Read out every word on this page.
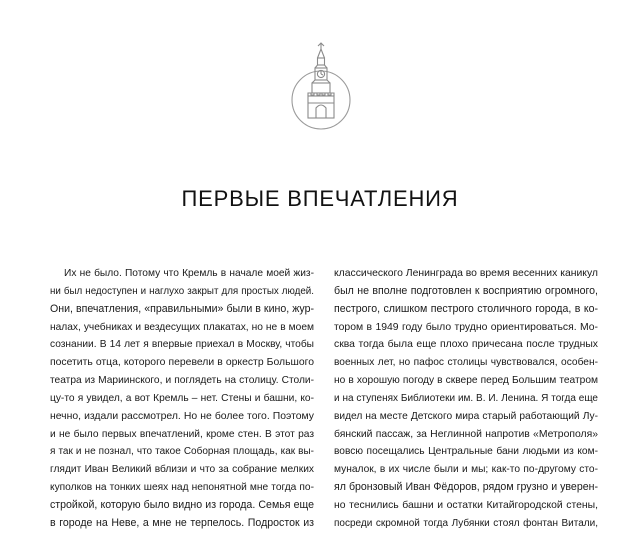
ПЕРВЫЕ ВПЕЧАТЛЕНИЯ
Их не было. Потому что Кремль в начале моей жиз-
ни был недоступен и наглухо закрыт для простых людей.
Они, впечатления, «правильными» были в кино, жур-
налах, учебниках и вездесущих плакатах, но не в моем
сознании. В 14 лет я впервые приехал в Москву, чтобы
посетить отца, которого перевели в оркестр Большого
театра из Мариинского, и поглядеть на столицу. Столи-
цу-то я увидел, а вот Кремль – нет. Стены и башни, ко-
нечно, издали рассмотрел. Но не более того. Поэтому
и не было первых впечатлений, кроме стен. В этот раз
я так и не познал, что такое Соборная площадь, как вы-
глядит Иван Великий вблизи и что за собрание мелких
куполков на тонких шеях над непонятной мне тогда по-
стройкой, которую было видно из города. Семья еще
в городе на Неве, а мне не терпелось. Подросток из
классического Ленинграда во время весенних каникул
был не вполне подготовлен к восприятию огромного,
пестрого, слишком пестрого столичного города, в ко-
тором в 1949 году было трудно ориентироваться. Мо-
сква тогда была еще плохо причесана после трудных
военных лет, но пафос столицы чувствовался, особен-
но в хорошую погоду в сквере перед Большим театром
и на ступенях Библиотеки им. В. И. Ленина. Я тогда еще
видел на месте Детского мира старый работающий Лу-
бянский пассаж, за Неглинной напротив «Метрополя»
вовсю посещались Центральные бани людьми из ком-
муналок, в их числе были и мы; как-то по-другому сто-
ял бронзовый Иван Фёдоров, рядом грузно и уверен-
но теснились башни и остатки Китайгородской стены,
посреди скромной тогда Лубянки стоял фонтан Витали,
